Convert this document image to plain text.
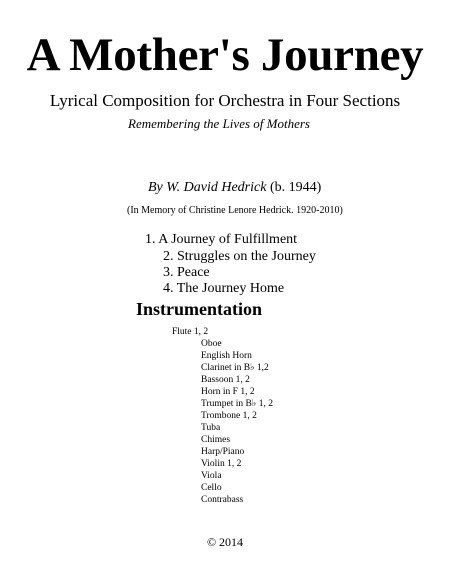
A Mother's Journey
Lyrical Composition for Orchestra in Four Sections
Remembering the Lives of Mothers
By W. David Hedrick (b. 1944)
(In Memory of Christine Lenore Hedrick. 1920-2010)
1. A Journey of Fulfillment
2. Struggles on the Journey
3. Peace
4. The Journey Home
Instrumentation
Flute 1, 2
Oboe
English Horn
Clarinet in B♭ 1,2
Bassoon 1, 2
Horn in F 1, 2
Trumpet in B♭ 1, 2
Trombone 1, 2
Tuba
Chimes
Harp/Piano
Violin 1, 2
Viola
Cello
Contrabass
© 2014
